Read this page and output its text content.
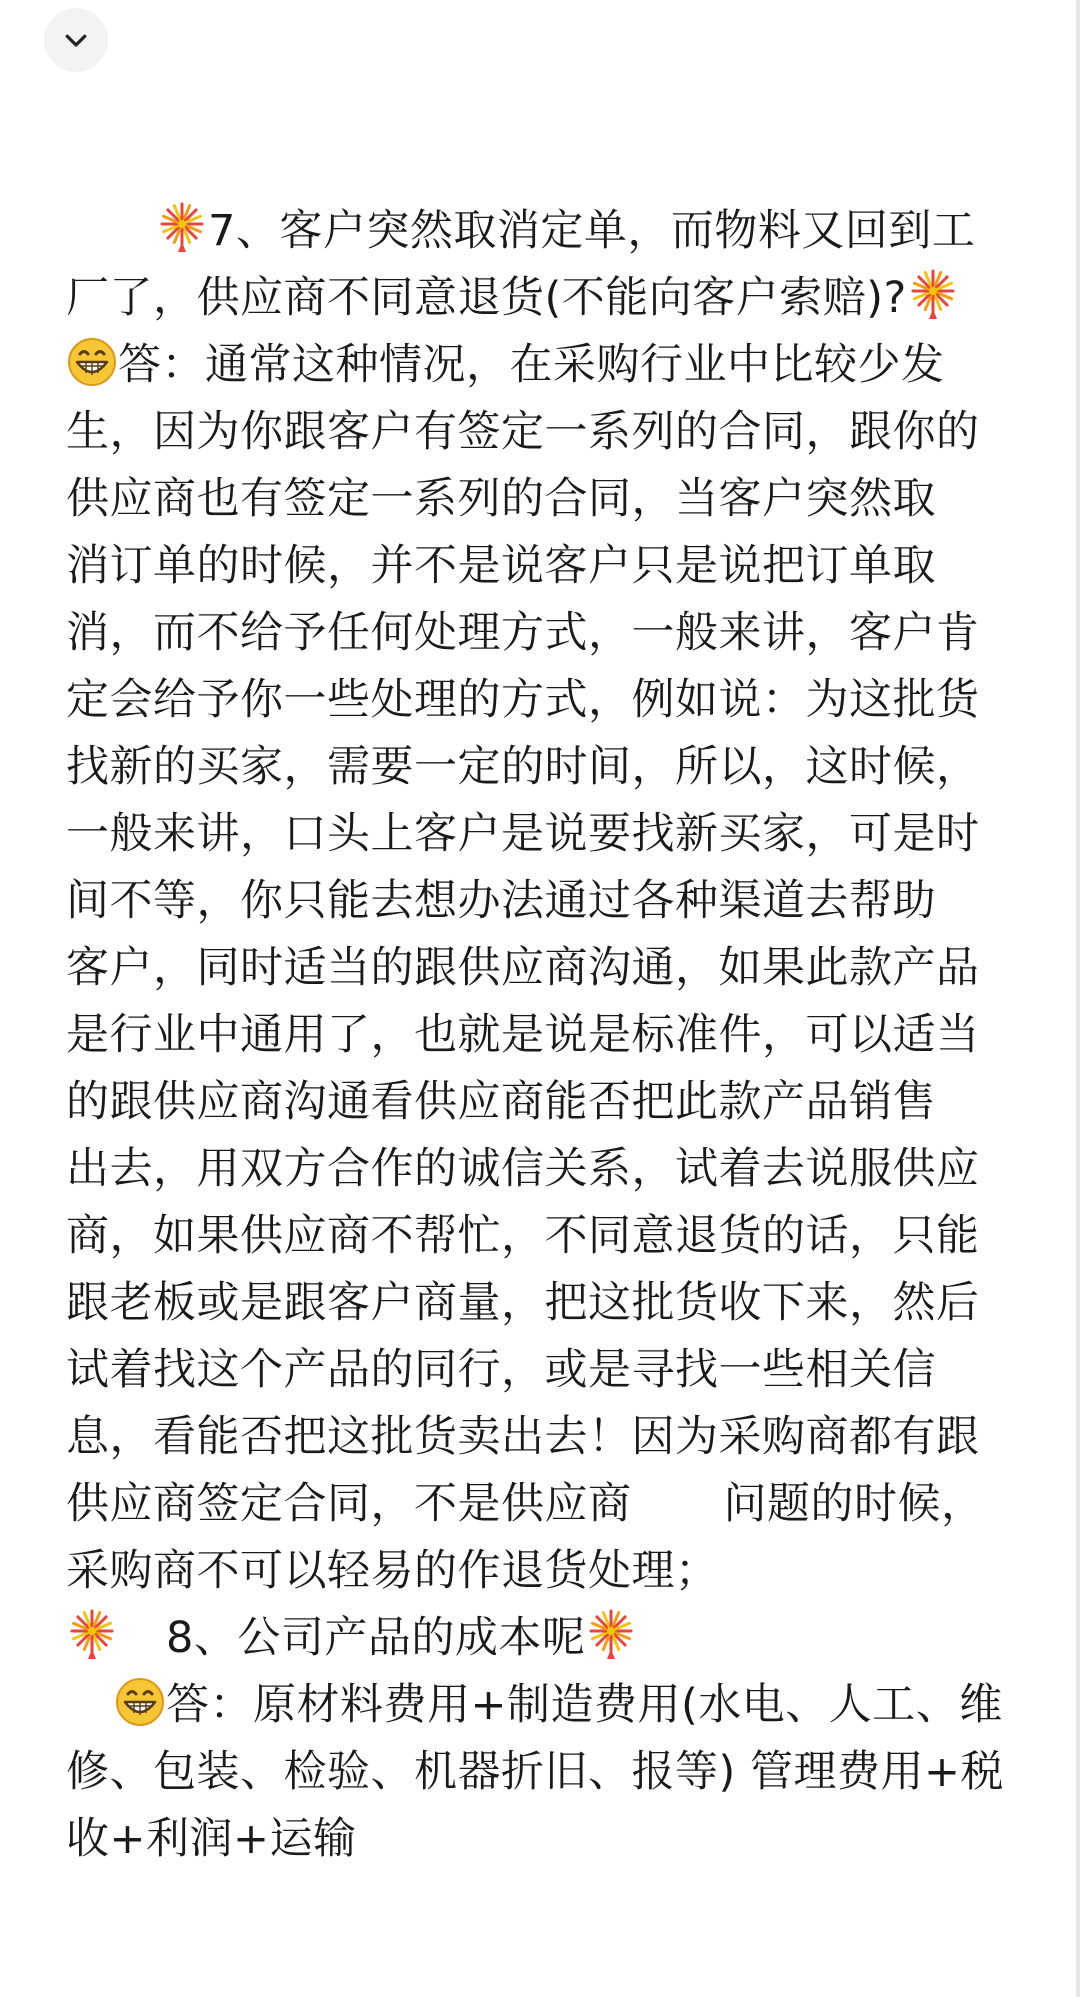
7、客户突然取消定单，而物料又回到工
厂了，供应商不同意退货(不能向客户索赔)?
答：通常这种情况，在采购行业中比较少发
生，因为你跟客户有签定一系列的合同，跟你的
供应商也有签定一系列的合同，当客户突然取
消订单的时候，并不是说客户只是说把订单取
消，而不给予任何处理方式，一般来讲，客户肯
定会给予你一些处理的方式，例如说：为这批货
找新的买家，需要一定的时间，所以，这时候，
一般来讲，口头上客户是说要找新买家，可是时
间不等，你只能去想办法通过各种渠道去帮助
客户，同时适当的跟供应商沟通，如果此款产品
是行业中通用了，也就是说是标准件，可以适当
的跟供应商沟通看供应商能否把此款产品销售
出去，用双方合作的诚信关系，试着去说服供应
商，如果供应商不帮忙，不同意退货的话，只能
跟老板或是跟客户商量，把这批货收下来，然后
试着找这个产品的同行，或是寻找一些相关信
息，看能否把这批货卖出去！因为采购商都有跟
供应商签定合同，不是供应商 问题的时候，
采购商不可以轻易的作退货处理；
8、公司产品的成本呢
答：原材料费用+制造费用(水电、人工、维
修、包装、检验、机器折旧、报等) 管理费用+税
收+利润+运输
